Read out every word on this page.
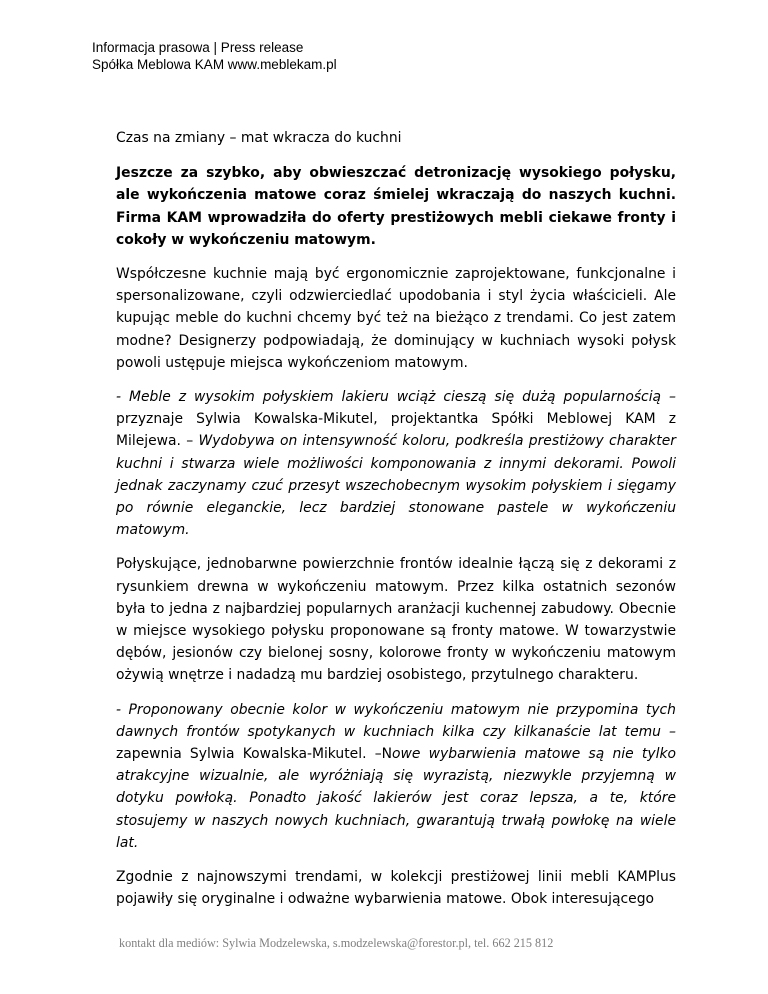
Informacja prasowa | Press release
Spółka Meblowa KAM www.meblekam.pl

Czas na zmiany – mat wkracza do kuchni

Jeszcze za szybko, aby obwieszczać detronizację wysokiego połysku, ale wykończenia matowe coraz śmielej wkraczają do naszych kuchni. Firma KAM wprowadziła do oferty prestiżowych mebli ciekawe fronty i cokoły w wykończeniu matowym.

Współczesne kuchnie mają być ergonomicznie zaprojektowane, funkcjonalne i spersonalizowane, czyli odzwierciedlać upodobania i styl życia właścicieli. Ale kupując meble do kuchni chcemy być też na bieżąco z trendami. Co jest zatem modne? Designerzy podpowiadają, że dominujący w kuchniach wysoki połysk powoli ustępuje miejsca wykończeniom matowym.

- Meble z wysokim połyskiem lakieru wciąż cieszą się dużą popularnością – przyznaje Sylwia Kowalska-Mikutel, projektantka Spółki Meblowej KAM z Milejewa. – Wydobywa on intensywność koloru, podkreśla prestiżowy charakter kuchni i stwarza wiele możliwości komponowania z innymi dekorami. Powoli jednak zaczynamy czuć przesyt wszechobecnym wysokim połyskiem i sięgamy po równie eleganckie, lecz bardziej stonowane pastele w wykończeniu matowym.

Połyskujące, jednobarwne powierzchnie frontów idealnie łączą się z dekorami z rysunkiem drewna w wykończeniu matowym. Przez kilka ostatnich sezonów była to jedna z najbardziej popularnych aranżacji kuchennej zabudowy. Obecnie w miejsce wysokiego połysku proponowane są fronty matowe. W towarzystwie dębów, jesionów czy bielonej sosny, kolorowe fronty w wykończeniu matowym ożywią wnętrze i nadadzą mu bardziej osobistego, przytulnego charakteru.

- Proponowany obecnie kolor w wykończeniu matowym nie przypomina tych dawnych frontów spotykanych w kuchniach kilka czy kilkanaście lat temu – zapewnia Sylwia Kowalska-Mikutel. –Nowe wybarwienia matowe są nie tylko atrakcyjne wizualnie, ale wyróżniają się wyrazistą, niezwykle przyjemną w dotyku powłoką. Ponadto jakość lakierów jest coraz lepsza, a te, które stosujemy w naszych nowych kuchniach, gwarantują trwałą powłokę na wiele lat.

Zgodnie z najnowszymi trendami, w kolekcji prestiżowej linii mebli KAMPlus pojawiły się oryginalne i odważne wybarwienia matowe. Obok interesującego

kontakt dla mediów: Sylwia Modzelewska, s.modzelewska@forestor.pl, tel. 662 215 812
